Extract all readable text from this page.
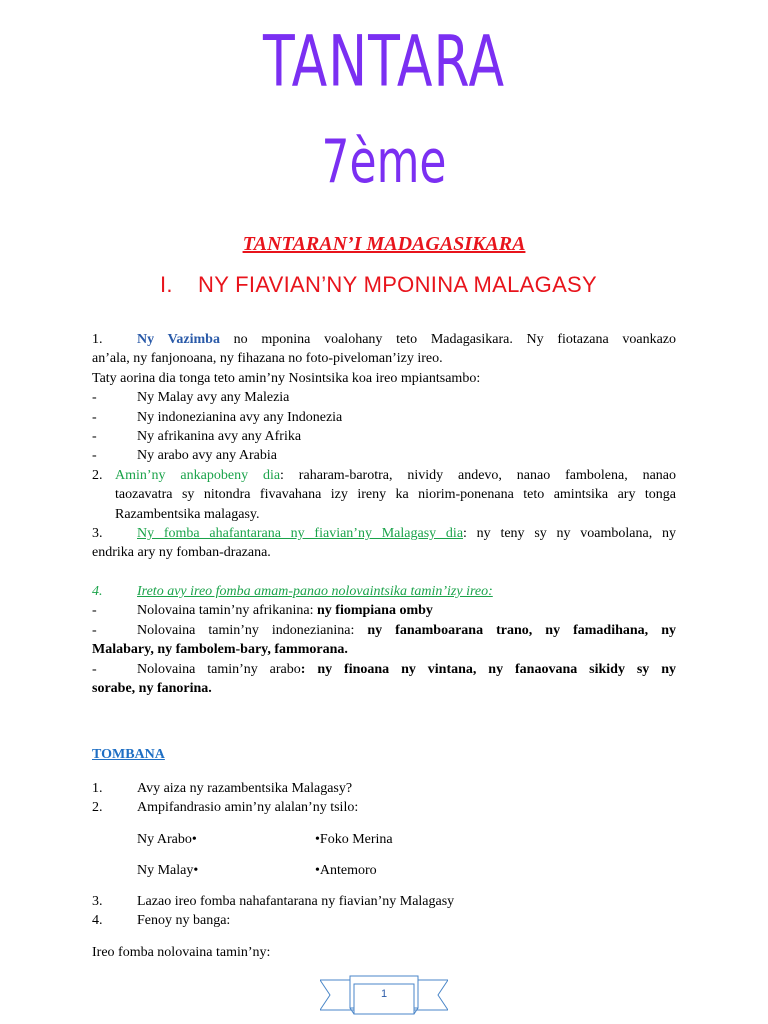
TANTARA
7ème
TANTARAN’I MADAGASIKARA
I. NY FIAVIAN’NY MPONINA MALAGASY
1. Ny Vazimba no mponina voalohany teto Madagasikara. Ny fiotazana voankazo
an’ala, ny fanjonoana, ny fihazana no foto-piveloman’izy ireo.
Taty aorina dia tonga teto amin’ny Nosintsika koa ireo mpiantsambo:
-	Ny Malay avy any Malezia
-	Ny indonezianina avy any Indonezia
-	Ny afrikanina avy any Afrika
-	Ny arabo avy any Arabia
2. Amin’ny ankapobeny dia: raharam-barotra, nividy andevo, nanao fambolena, nanao
taozavatra sy nitondra fivavahana izy ireny ka niorim-ponenana teto amintsika ary tonga
Razambentsika malagasy.
3. Ny fomba ahafantarana ny fiavian’ny Malagasy dia: ny teny sy ny voambolana, ny
endrika ary ny fomban-drazana.
4. Ireto avy ireo fomba amam-panao nolovaintsika tamin’izy ireo:
-	Nolovaina tamin’ny afrikanina: ny fiompiana omby
-	Nolovaina tamin’ny indonezianina: ny fanamboarana trano, ny famadihana, ny
Malabary, ny fambolem-bary, fammorana.
-	Nolovaina tamin’ny arabo: ny finoana ny vintana, ny fanaovana sikidy sy ny
sorabe, ny fanorina.
TOMBANA
1. Avy aiza ny razambentsika Malagasy?
2. Ampifandrasio amin’ny alalan’ny tsilo:
Ny Arabo•	•Foko Merina
Ny Malay•	•Antemoro
3. Lazao ireo fomba nahafantarana ny fiavian’ny Malagasy
4. Fenoy ny banga:
Ireo fomba nolovaina tamin’ny:
1
